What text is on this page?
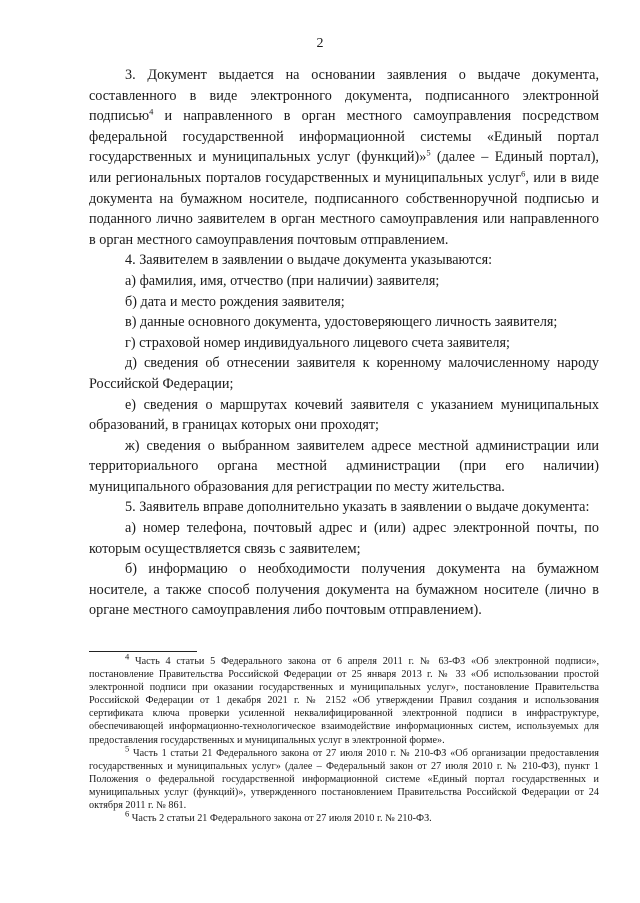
2

3. Документ выдается на основании заявления о выдаче документа, составленного в виде электронного документа, подписанного электронной подписью$^4$ и направленного в орган местного самоуправления посредством федеральной государственной информационной системы «Единый портал государственных и муниципальных услуг (функций)»$^5$ (далее – Единый портал), или региональных порталов государственных и муниципальных услуг$^6$, или в виде документа на бумажном носителе, подписанного собственноручной подписью и поданного лично заявителем в орган местного самоуправления или направленного в орган местного самоуправления почтовым отправлением.

4. Заявителем в заявлении о выдаче документа указываются:

а) фамилия, имя, отчество (при наличии) заявителя;

б) дата и место рождения заявителя;

в) данные основного документа, удостоверяющего личность заявителя;

г) страховой номер индивидуального лицевого счета заявителя;

д) сведения об отнесении заявителя к коренному малочисленному народу Российской Федерации;

е) сведения о маршрутах кочевий заявителя с указанием муниципальных образований, в границах которых они проходят;

ж) сведения о выбранном заявителем адресе местной администрации или территориального органа местной администрации (при его наличии) муниципального образования для регистрации по месту жительства.

5. Заявитель вправе дополнительно указать в заявлении о выдаче документа:

а) номер телефона, почтовый адрес и (или) адрес электронной почты, по которым осуществляется связь с заявителем;

б) информацию о необходимости получения документа на бумажном носителе, а также способ получения документа на бумажном носителе (лично в органе местного самоуправления либо почтовым отправлением).

$^4$ Часть 4 статьи 5 Федерального закона от 6 апреля 2011 г. № 63-ФЗ «Об электронной подписи», постановление Правительства Российской Федерации от 25 января 2013 г. № 33 «Об использовании простой электронной подписи при оказании государственных и муниципальных услуг», постановление Правительства Российской Федерации от 1 декабря 2021 г. № 2152 «Об утверждении Правил создания и использования сертификата ключа проверки усиленной неквалифицированной электронной подписи в инфраструктуре, обеспечивающей информационно-технологическое взаимодействие информационных систем, используемых для предоставления государственных и муниципальных услуг в электронной форме».

$^5$ Часть 1 статьи 21 Федерального закона от 27 июля 2010 г. № 210-ФЗ «Об организации предоставления государственных и муниципальных услуг» (далее – Федеральный закон от 27 июля 2010 г. № 210-ФЗ), пункт 1 Положения о федеральной государственной информационной системе «Единый портал государственных и муниципальных услуг (функций)», утвержденного постановлением Правительства Российской Федерации от 24 октября 2011 г. № 861.

$^6$ Часть 2 статьи 21 Федерального закона от 27 июля 2010 г. № 210-ФЗ.
